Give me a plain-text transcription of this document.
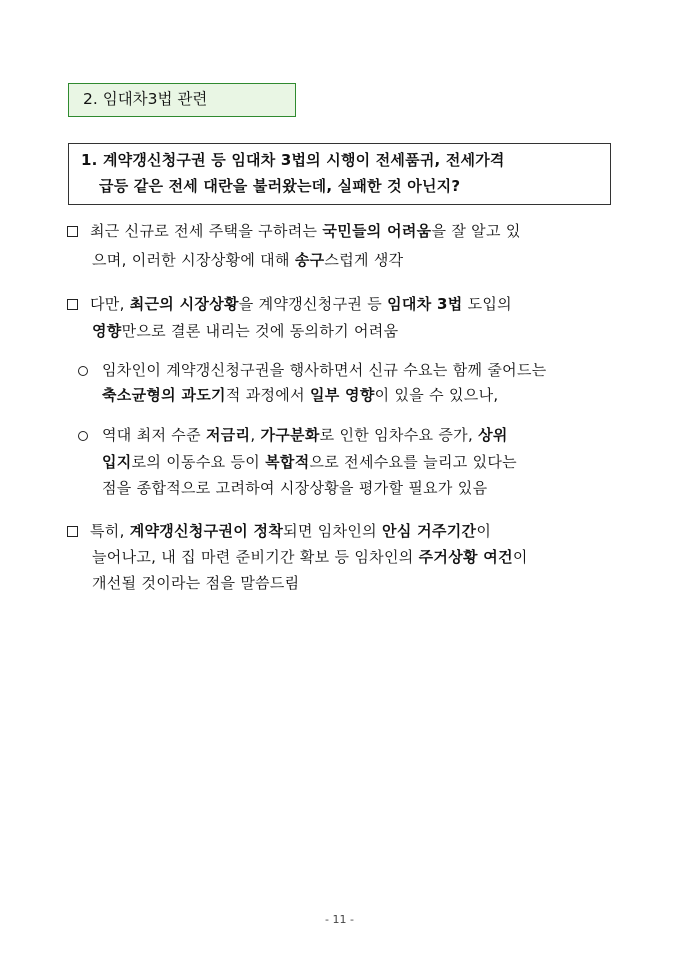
2. 임대차3법 관련
1. 계약갱신청구권 등 임대차 3법의 시행이 전세품귀, 전세가격
급등 같은 전세 대란을 불러왔는데, 실패한 것 아닌지?
최근 신규로 전세 주택을 구하려는 국민들의 어려움을 잘 알고 있
으며, 이러한 시장상황에 대해 송구스럽게 생각
다만, 최근의 시장상황을 계약갱신청구권 등 임대차 3법 도입의
영향만으로 결론 내리는 것에 동의하기 어려움
임차인이 계약갱신청구권을 행사하면서 신규 수요는 함께 줄어드는
축소균형의 과도기적 과정에서 일부 영향이 있을 수 있으나,
역대 최저 수준 저금리, 가구분화로 인한 임차수요 증가, 상위
입지로의 이동수요 등이 복합적으로 전세수요를 늘리고 있다는
점을 종합적으로 고려하여 시장상황을 평가할 필요가 있음
특히, 계약갱신청구권이 정착되면 임차인의 안심 거주기간이
늘어나고, 내 집 마련 준비기간 확보 등 임차인의 주거상황 여건이
개선될 것이라는 점을 말씀드림
- 11 -
